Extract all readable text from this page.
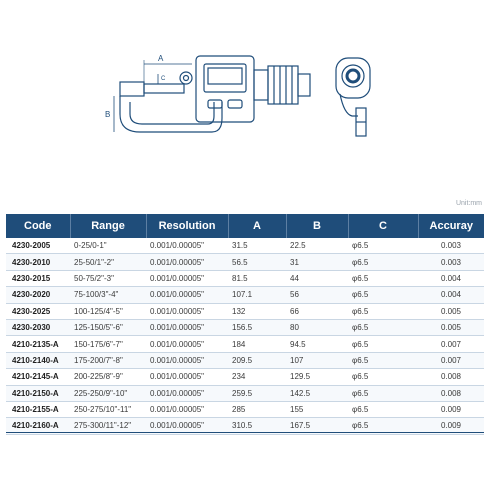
A
B
C
Unit:mm
Code	Range	Resolution	A	B	C	Accuray
4230-2005	0-25/0-1"	0.001/0.00005"	31.5	22.5	φ6.5	0.003
4230-2010	25-50/1"-2"	0.001/0.00005"	56.5	31	φ6.5	0.003
4230-2015	50-75/2"-3"	0.001/0.00005"	81.5	44	φ6.5	0.004
4230-2020	75-100/3"-4"	0.001/0.00005"	107.1	56	φ6.5	0.004
4230-2025	100-125/4"-5"	0.001/0.00005"	132	66	φ6.5	0.005
4230-2030	125-150/5"-6"	0.001/0.00005"	156.5	80	φ6.5	0.005
4210-2135-A	150-175/6"-7"	0.001/0.00005"	184	94.5	φ6.5	0.007
4210-2140-A	175-200/7"-8"	0.001/0.00005"	209.5	107	φ6.5	0.007
4210-2145-A	200-225/8"-9"	0.001/0.00005"	234	129.5	φ6.5	0.008
4210-2150-A	225-250/9"-10"	0.001/0.00005"	259.5	142.5	φ6.5	0.008
4210-2155-A	250-275/10"-11"	0.001/0.00005"	285	155	φ6.5	0.009
4210-2160-A	275-300/11"-12"	0.001/0.00005"	310.5	167.5	φ6.5	0.009
